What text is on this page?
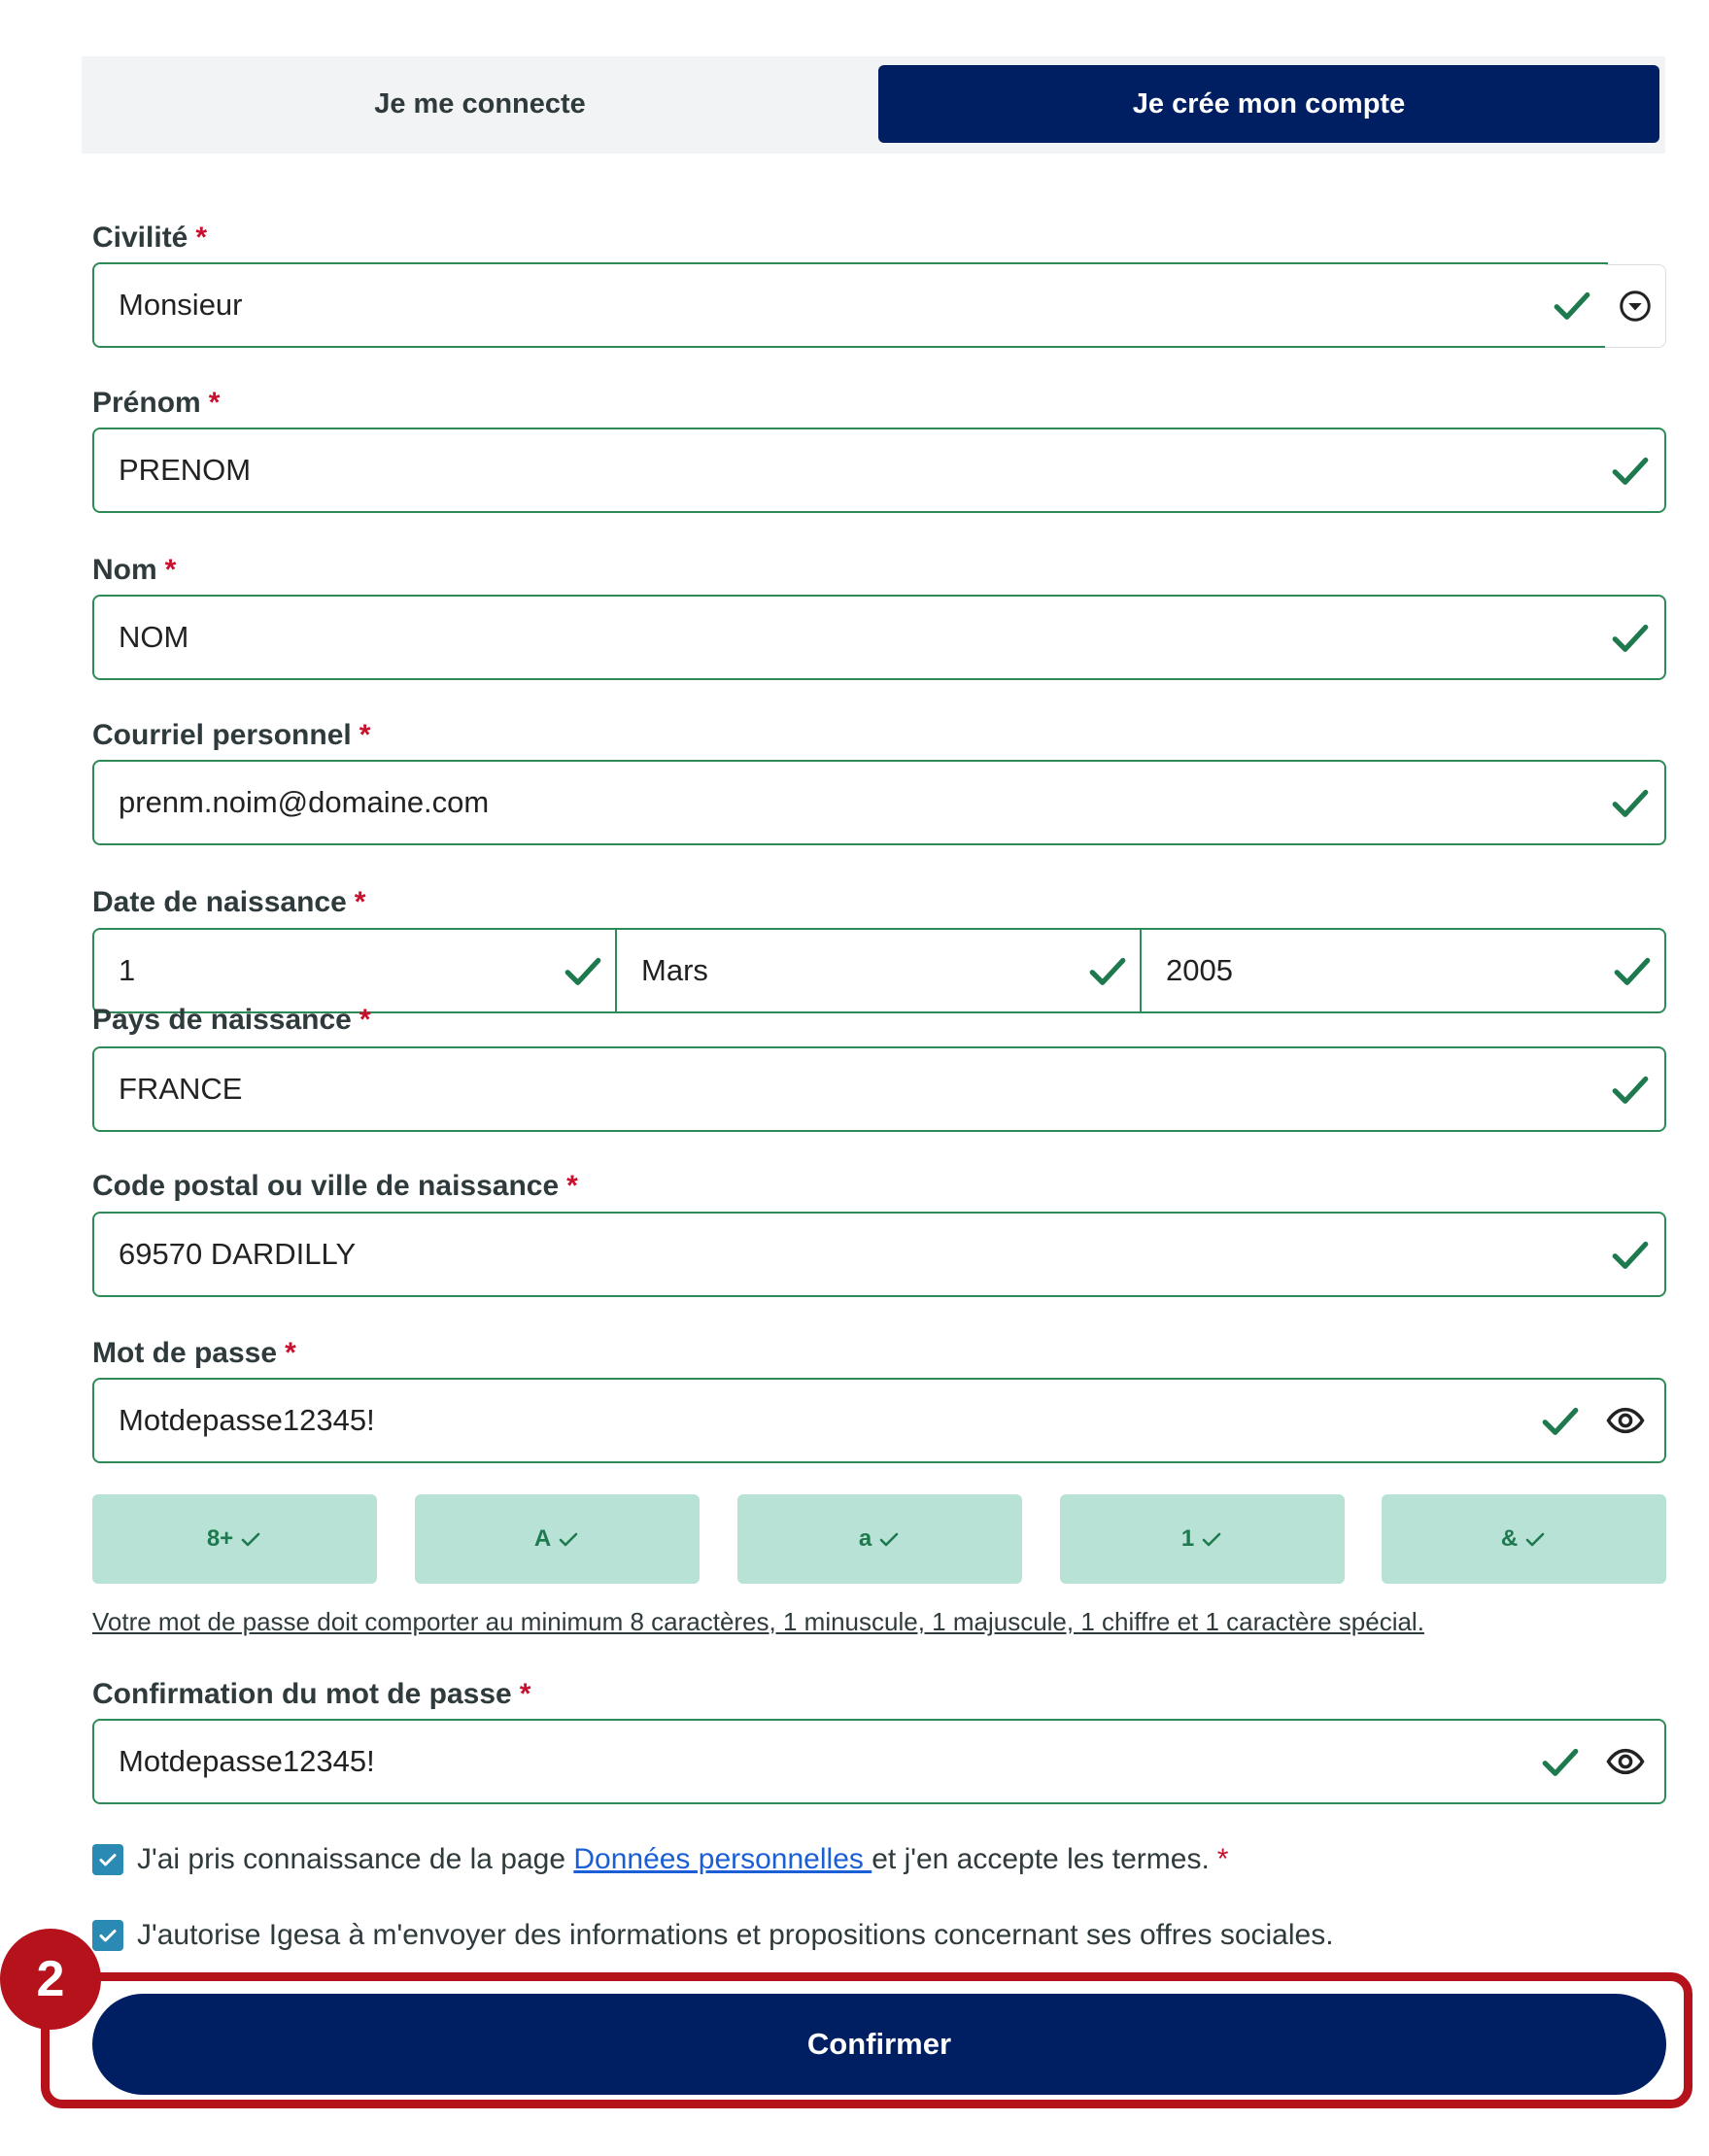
Je me connecte	Je crée mon compte
Civilité *
Monsieur
Prénom *
PRENOM
Nom *
NOM
Courriel personnel *
prenm.noim@domaine.com
Date de naissance *
1	Mars	2005
Pays de naissance *
FRANCE
Code postal ou ville de naissance *
69570 DARDILLY
Mot de passe *
Motdepasse12345!
8+	A	a	1	&
Votre mot de passe doit comporter au minimum 8 caractères, 1 minuscule, 1 majuscule, 1 chiffre et 1 caractère spécial.
Confirmation du mot de passe *
Motdepasse12345!
J'ai pris connaissance de la page Données personnelles et j'en accepte les termes. *
J'autorise Igesa à m'envoyer des informations et propositions concernant ses offres sociales.
Confirmer
2
